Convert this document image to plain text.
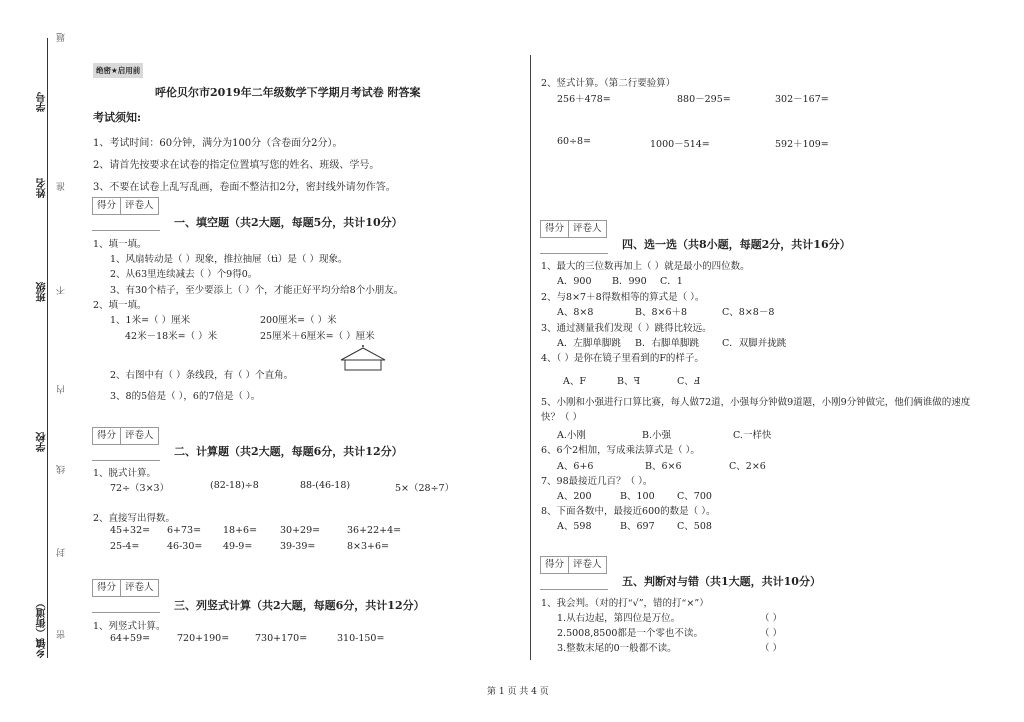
题
学号
姓名 准
班级 不
内
学校
线
封
乡镇（街道） 密
绝密★启用前
呼伦贝尔市2019年二年级数学下学期月考试卷 附答案
考试须知:
1、考试时间：60分钟，满分为100分（含卷面分2分）。
2、请首先按要求在试卷的指定位置填写您的姓名、班级、学号。
3、不要在试卷上乱写乱画，卷面不整洁扣2分，密封线外请勿作答。
得分 评卷人
一、填空题（共2大题，每题5分，共计10分）
1、填一填。
1、风扇转动是（ ）现象，推拉抽屉（tì）是（ ）现象。
2、从63里连续减去（ ）个9得0。
3、有30个桔子，至少要添上（ ）个，才能正好平均分给8个小朋友。
2、填一填。
1、1米=（ ）厘米	200厘米=（ ）米
42米－18米=（ ）米	25厘米＋6厘米=（ ）厘米
2、右图中有（ ）条线段，有（ ）个直角。
3、8的5倍是（ ），6的7倍是（ ）。
得分 评卷人
二、计算题（共2大题，每题6分，共计12分）
1、脱式计算。
72÷（3×3）	(82-18)÷8	88-(46-18)	5×（28÷7）
2、直接写出得数。
45+32= 6+73= 18+6= 30+29=	36+22+4=
25-4=	46-30= 49-9=	39-39=	8×3+6=
得分 评卷人
三、列竖式计算（共2大题，每题6分，共计12分）
1、列竖式计算。
64+59=	720+190=	730+170=	310-150=
2、竖式计算。（第二行要验算）
256＋478=	880－295=	302－167=
60÷8=	1000－514=	592＋109=
得分 评卷人
四、选一选（共8小题，每题2分，共计16分）
1、最大的三位数再加上（ ）就是最小的四位数。
A．900 B．990 C．1
2、与8×7＋8得数相等的算式是（ ）。
A、8×8	B、8×6＋8	C、8×8－8
3、通过测量我们发现（ ）跳得比较远。
A．左脚单脚跳 B．右脚单脚跳 C．双脚并拢跳
4、（ ）是你在镜子里看到的F的样子。
A、F	B、ꟻ	C、Ⅎ
5、小刚和小强进行口算比赛，每人做72道，小强每分钟做9道题，小刚9分钟做完，他们俩谁做的速度快？（ ）
A.小刚	B.小强	C.一样快
6、6个2相加，写成乘法算式是（ ）。
A、6+6	B、6×6	C、2×6
7、98最接近几百？（ ）。
A、200	B、100 C、700
8、下面各数中，最接近600的数是（ ）。
A、598	B、697 C、508
得分 评卷人
五、判断对与错（共1大题，共计10分）
1、我会判。（对的打“√”，错的打“×”）
1.从右边起，第四位是万位。	（ ）
2.5008,8500都是一个零也不读。	（ ）
3.整数末尾的0一般都不读。	（ ）
第 1 页 共 4 页
